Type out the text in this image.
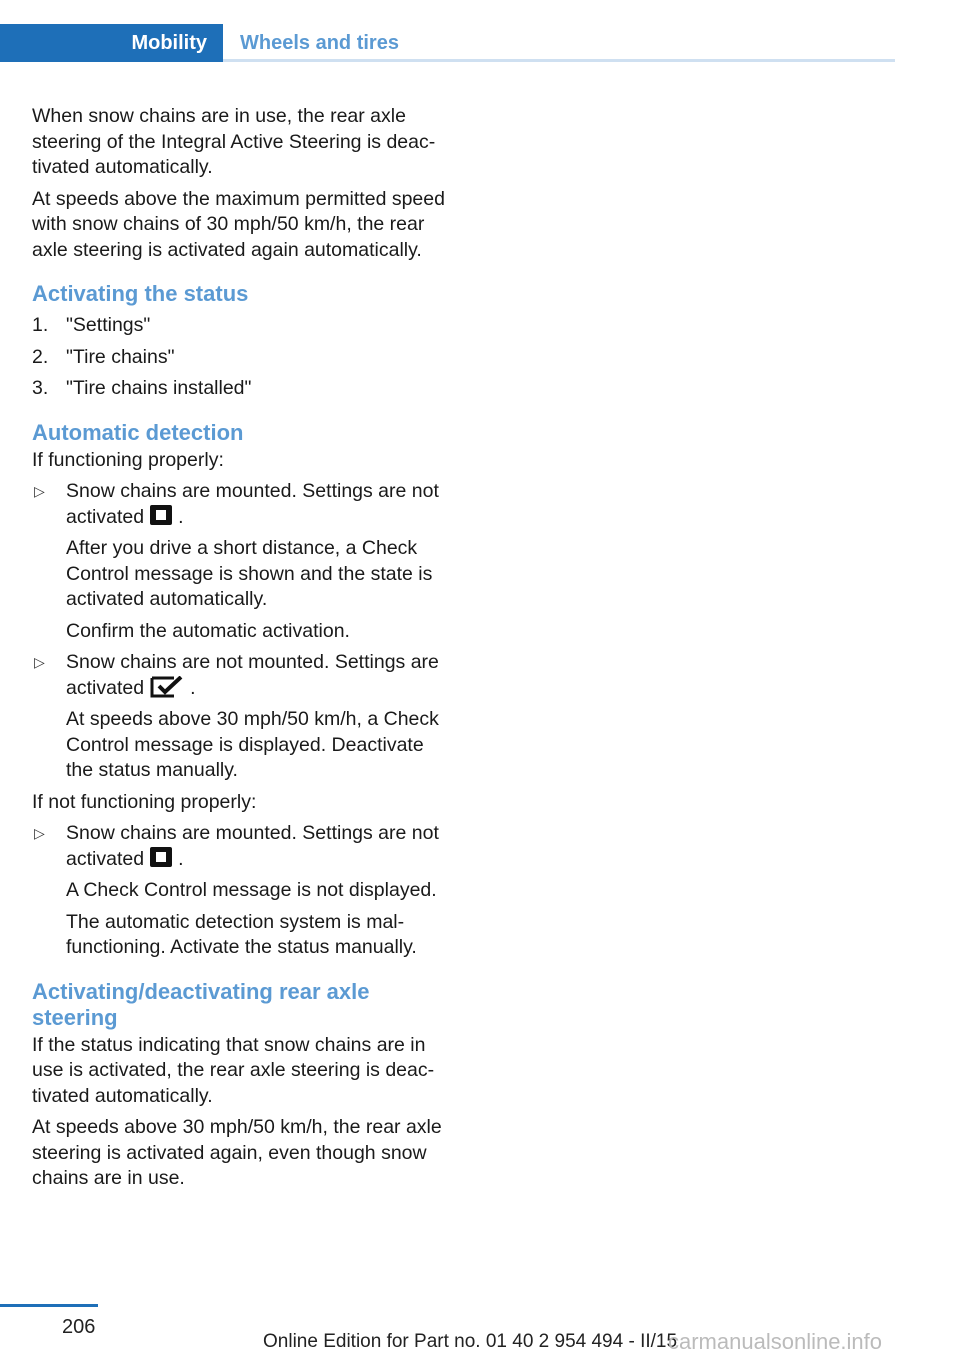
Mobility	Wheels and tires

When snow chains are in use, the rear axle steering of the Integral Active Steering is deactivated automatically.

At speeds above the maximum permitted speed with snow chains of 30 mph/50 km/h, the rear axle steering is activated again automatically.

Activating the status
1. "Settings"
2. "Tire chains"
3. "Tire chains installed"
Automatic detection

If functioning properly:

▷ Snow chains are mounted. Settings are not activated .

After you drive a short distance, a Check Control message is shown and the state is activated automatically.

Confirm the automatic activation.

▷ Snow chains are not mounted. Settings are activated .

At speeds above 30 mph/50 km/h, a Check Control message is displayed. Deactivate the status manually.

If not functioning properly:

▷ Snow chains are mounted. Settings are not activated .

A Check Control message is not displayed.

The automatic detection system is malfunctioning. Activate the status manually.

Activating/deactivating rear axle steering

If the status indicating that snow chains are in use is activated, the rear axle steering is deactivated automatically.

At speeds above 30 mph/50 km/h, the rear axle steering is activated again, even though snow chains are in use.

206
Online Edition for Part no. 01 40 2 954 494 - II/15
carmanualsonline.info
